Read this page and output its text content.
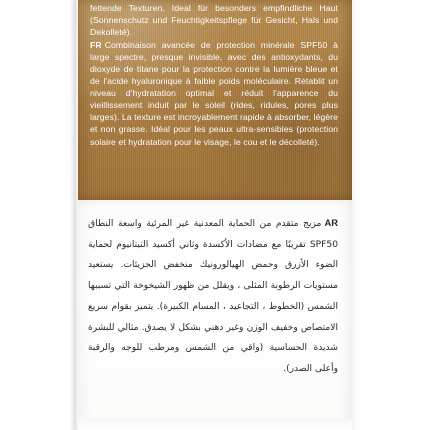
fettende Texturen. Ideal für besonders empfindliche Haut (Sonnenschutz und Feuchtigkeitspflege für Gesicht, Hals und Dekolleté).
FR Combinaison avancée de protection minérale SPF50 à large spectre, presque invisible, avec des antioxydants, du dioxyde de titane pour la protection contre la lumière bleue et de l'acide hyaluronique à faible poids moléculaire. Rétablit un niveau d'hydratation optimal et réduit l'apparence du vieillissement induit par le soleil (rides, ridules, pores plus larges). La texture est incroyablement rapide à absorber, légère et non grasse. Idéal pour les peaux ultra-sensibles (protection solaire et hydratation pour le visage, le cou et le décolleté).
ARمزيج متقدم من الحماية المعدنية غير المرئية واسعة النطاق SPF50 تقريبًا مع مضادات الأكسدة وثاني أكسيد التيتانيوم لحماية الضوء الأزرق وحمض الهيالورونيك منخفض الجزيئات. يستعيد مستويات الرطوبة المثلى ، ويقلل من ظهور الشيخوخة التي تسببها الشمس (الخطوط ، التجاعيد ، المسام الكبيرة). يتميز بقوام سريع الامتصاص وخفيف الوزن وغير دهني بشكل لا يصدق. مثالي للبشرة شديدة الحساسية (واقي من الشمس ومرطب للوجه والرقبة وأعلى الصدر).
